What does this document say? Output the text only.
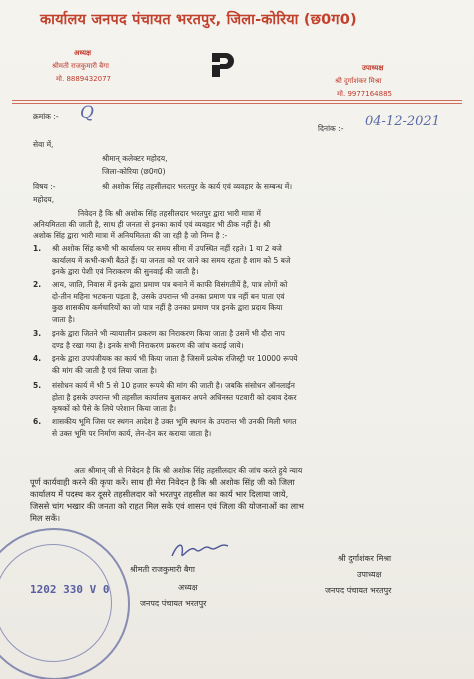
कार्यालय जनपद पंचायत भरतपुर, जिला-कोरिया (छ0ग0)
अध्यक्ष
श्रीमती राजकुमारी बैगा
मो. 8889432077
उपाध्यक्ष
श्री दुर्गाशंकर मिश्रा
मो. 9977164885
क्रमांक :- Q
दिनांक :- 04-12-2021
सेवा में,
श्रीमान् कलेक्टर महोदय,
जिला-कोरिया (छ0ग0)
विषय :-	श्री अशोक सिंह तहसीलदार भरतपुर के कार्य एवं व्यवहार के सम्बन्ध में।
महोदय,
निवेदन है कि श्री अशोक सिंह तहसीलदार भरतपुर द्वारा भारी मात्रा में
अनियमितता की जाती है, साथ ही जनता से इनका कार्य एवं व्यवहार भी ठीक नहीं है। श्री
अशोक सिंह द्वारा भारी मात्रा में अनियमितता की जा रही है जो निम्न है :-
1. श्री अशोक सिंह कभी भी कार्यालय पर समय सीमा में उपस्थित नहीं रहते। 1 या 2 बजे
कार्यालय में कभी-कभी बैठते हैं। या जनता को पर जाने का समय रहता है शाम को 5 बजे
इनके द्वारा पेशी एवं निराकरण की सुनवाई की जाती है।
2. आय, जाति, निवास में इनके द्वारा प्रमाण पत्र बनाने में काफी विसंगतीयें है, पात्र लोगों को
दो-तीन महिना भटकना पड़ता है, उसके उपरान्त भी उनका प्रमाण पत्र नहीं बन पाता एवं
कुछ शासकीय कर्मचारियों का जो पात्र नहीं है उनका प्रमाण पत्र इनके द्वारा प्रदाय किया
जाता है।
3. इनके द्वारा जितने भी न्यायालीन प्रकरण का निराकरण किया जाता है उसमें भी दौरा नाप
दण्ड है रखा गया है। इनके सभी निराकरण प्रकरण की जांच कराई जाये।
4. इनके द्वारा उपपंजीयक का कार्य भी किया जाता है जिसमें प्रत्येक रजिस्ट्री पर 10000 रूपये
की मांग की जाती है एवं लिया जाता है।
5. संसोधन कार्य में भी 5 से 10 हजार रूपये की मांग की जाती है। जबकि संसोधन ऑनलाईन
होता है इसके उपरान्त भी तहसील कार्यालय बुलाकर अपने अधिनस्त पटवारी को दबाव देकर
कृषकों को पैसे के लिये परेशान किया जाता है।
6. शासकीय भूमि जिस पर स्थगन आदेश है उक्त भूमि स्थगन के उपरान्त भी उनकी मिली भगत
से उक्त भूमि पर निर्माण कार्य, लेन-देन कर कराया जाता है।
अतः श्रीमान् जी से निवेदन है कि श्री अशोक सिंह तहसीलदार की जांच करते हुये न्याय
पूर्ण कार्यवाही करने की कृपा करें। साथ ही मेरा निवेदन है कि श्री अशोक सिंह जी को जिला
कार्यालय में पदस्थ कर दूसरे तहसीलदार को भरतपुर तहसील का कार्य भार दिलाया जाये,
जिससे चांग भखार की जनता को राहत मिल सके एवं शासन एवं जिला की योजनाओं का लाभ
मिल सकें।
1202 330 V 0
श्रीमती राजकुमारी बैगा
अध्यक्ष
जनपद पंचायत भरतपुर
श्री दुर्गाशंकर मिश्रा
उपाध्यक्ष
जनपद पंचायत भरतपुर
